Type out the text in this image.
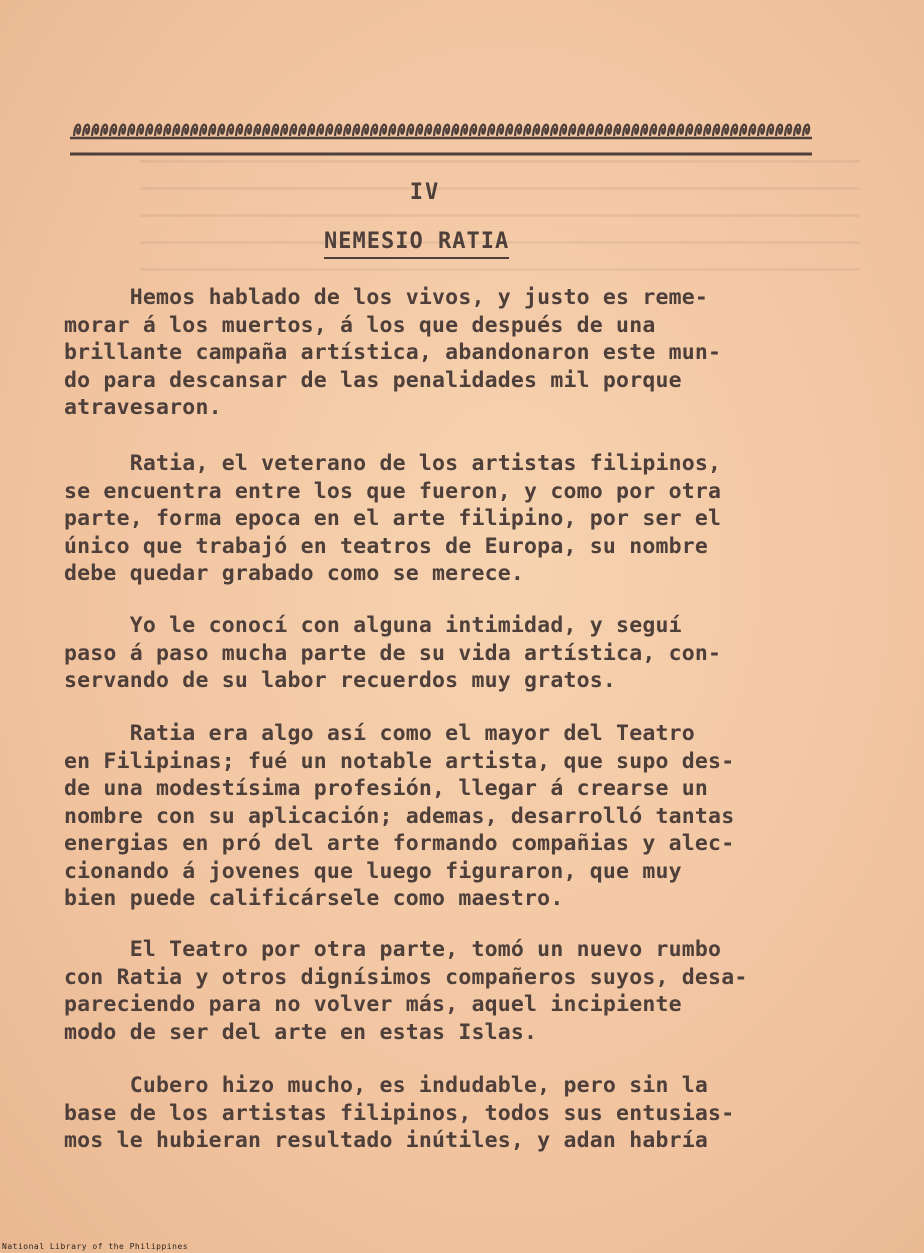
IV
NEMESIO RATIA

Hemos hablado de los vivos, y justo es reme-
morar á los muertos, á los que después de una
brillante campaña artística, abandonaron este mun-
do para descansar de las penalidades mil porque
atravesaron.

Ratia, el veterano de los artistas filipinos,
se encuentra entre los que fueron, y como por otra
parte, forma epoca en el arte filipino, por ser el
único que trabajó en teatros de Europa, su nombre
debe quedar grabado como se merece.

Yo le conocí con alguna intimidad, y seguí
paso á paso mucha parte de su vida artística, con-
servando de su labor recuerdos muy gratos.

Ratia era algo así como el mayor del Teatro
en Filipinas; fué un notable artista, que supo des-
de una modestísima profesión, llegar á crearse un
nombre con su aplicación; ademas, desarrolló tantas
energias en pró del arte formando compañias y alec-
cionando á jovenes que luego figuraron, que muy
bien puede calificársele como maestro.

El Teatro por otra parte, tomó un nuevo rumbo
con Ratia y otros dignísimos compañeros suyos, desa-
pareciendo para no volver más, aquel incipiente
modo de ser del arte en estas Islas.

Cubero hizo mucho, es indudable, pero sin la
base de los artistas filipinos, todos sus entusias-
mos le hubieran resultado inútiles, y adan habría

National Library of the Philippines
